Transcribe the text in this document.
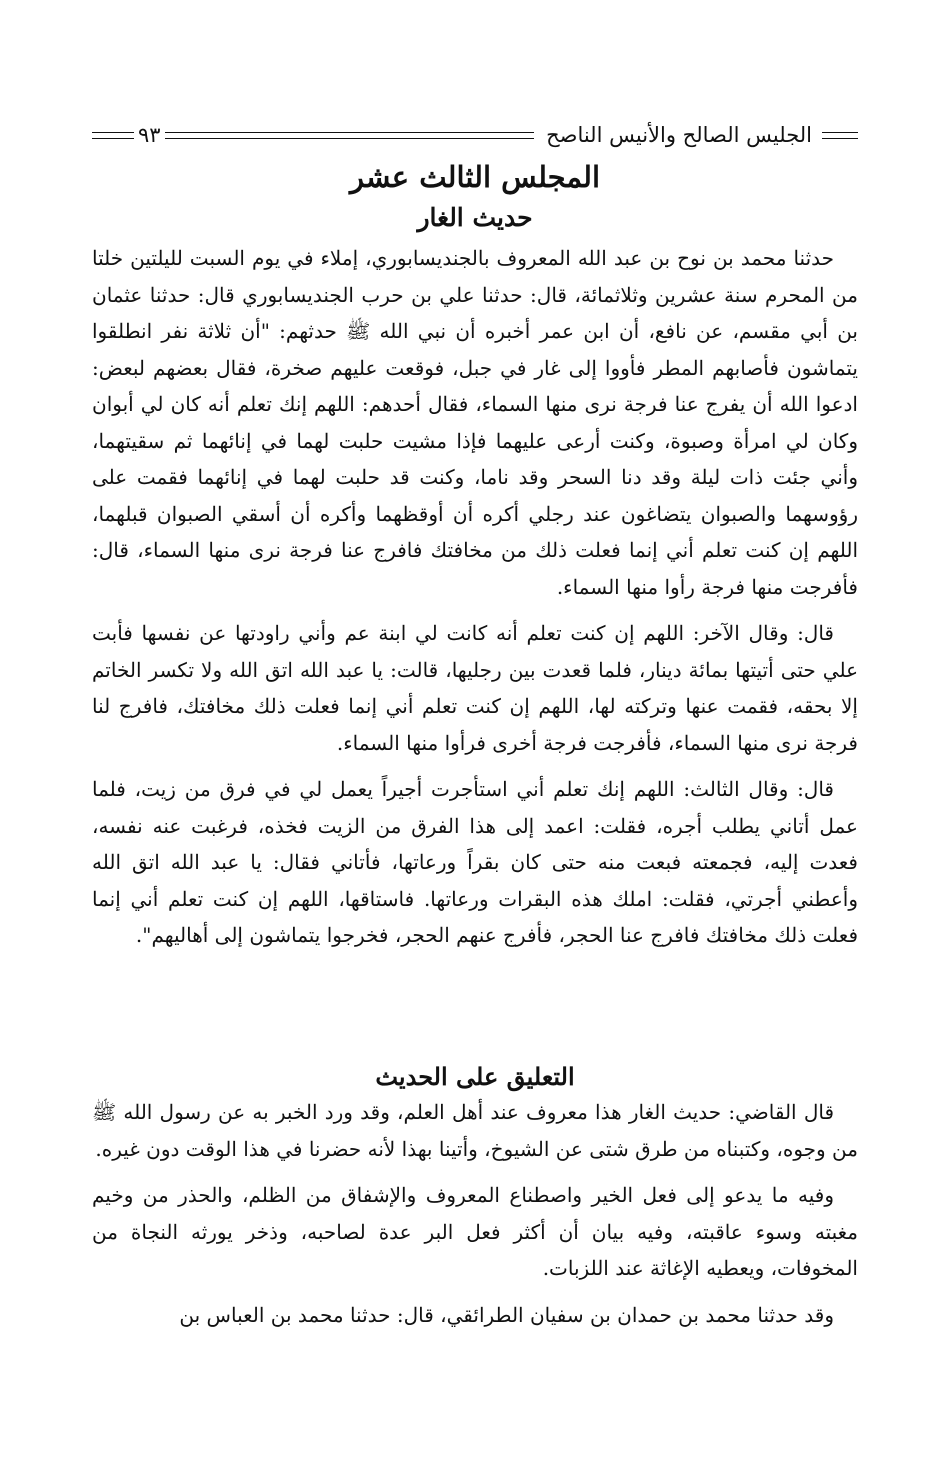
الجليس الصالح والأنيس الناصح
٩٣
المجلس الثالث عشر
حديث الغار

حدثنا محمد بن نوح بن عبد الله المعروف بالجنديسابوري، إملاء في يوم السبت لليلتين خلتا من المحرم سنة عشرين وثلاثمائة، قال: حدثنا علي بن حرب الجنديسابوري قال: حدثنا عثمان بن أبي مقسم، عن نافع، أن ابن عمر أخبره أن نبي الله ﷺ حدثهم: "أن ثلاثة نفر انطلقوا يتماشون فأصابهم المطر فأووا إلى غار في جبل، فوقعت عليهم صخرة، فقال بعضهم لبعض: ادعوا الله أن يفرج عنا فرجة نرى منها السماء، فقال أحدهم: اللهم إنك تعلم أنه كان لي أبوان وكان لي امرأة وصبوة، وكنت أرعى عليهما فإذا مشيت حلبت لهما في إنائهما ثم سقيتهما، وأني جئت ذات ليلة وقد دنا السحر وقد ناما، وكنت قد حلبت لهما في إنائهما فقمت على رؤوسهما والصبوان يتضاغون عند رجلي أكره أن أوقظهما وأكره أن أسقي الصبوان قبلهما، اللهم إن كنت تعلم أني إنما فعلت ذلك من مخافتك فافرج عنا فرجة نرى منها السماء، قال: فأفرجت منها فرجة رأوا منها السماء.

قال: وقال الآخر: اللهم إن كنت تعلم أنه كانت لي ابنة عم وأني راودتها عن نفسها فأبت علي حتى أتيتها بمائة دينار، فلما قعدت بين رجليها، قالت: يا عبد الله اتق الله ولا تكسر الخاتم إلا بحقه، فقمت عنها وتركته لها، اللهم إن كنت تعلم أني إنما فعلت ذلك مخافتك، فافرج لنا فرجة نرى منها السماء، فأفرجت فرجة أخرى فرأوا منها السماء.

قال: وقال الثالث: اللهم إنك تعلم أني استأجرت أجيراً يعمل لي في فرق من زيت، فلما عمل أتاني يطلب أجره، فقلت: اعمد إلى هذا الفرق من الزيت فخذه، فرغبت عنه نفسه، فعدت إليه، فجمعته فبعت منه حتى كان بقراً ورعاتها، فأتاني فقال: يا عبد الله اتق الله وأعطني أجرتي، فقلت: املك هذه البقرات ورعاتها. فاستاقها، اللهم إن كنت تعلم أني إنما فعلت ذلك مخافتك فافرج عنا الحجر، فأفرج عنهم الحجر، فخرجوا يتماشون إلى أهاليهم".

التعليق على الحديث

قال القاضي: حديث الغار هذا معروف عند أهل العلم، وقد ورد الخبر به عن رسول الله ﷺ من وجوه، وكتبناه من طرق شتى عن الشيوخ، وأتينا بهذا لأنه حضرنا في هذا الوقت دون غيره.

وفيه ما يدعو إلى فعل الخير واصطناع المعروف والإشفاق من الظلم، والحذر من وخيم مغبته وسوء عاقبته، وفيه بيان أن أكثر فعل البر عدة لصاحبه، وذخر يورثه النجاة من المخوفات، ويعطيه الإغاثة عند اللزبات.

وقد حدثنا محمد بن حمدان بن سفيان الطرائقي، قال: حدثنا محمد بن العباس بن
